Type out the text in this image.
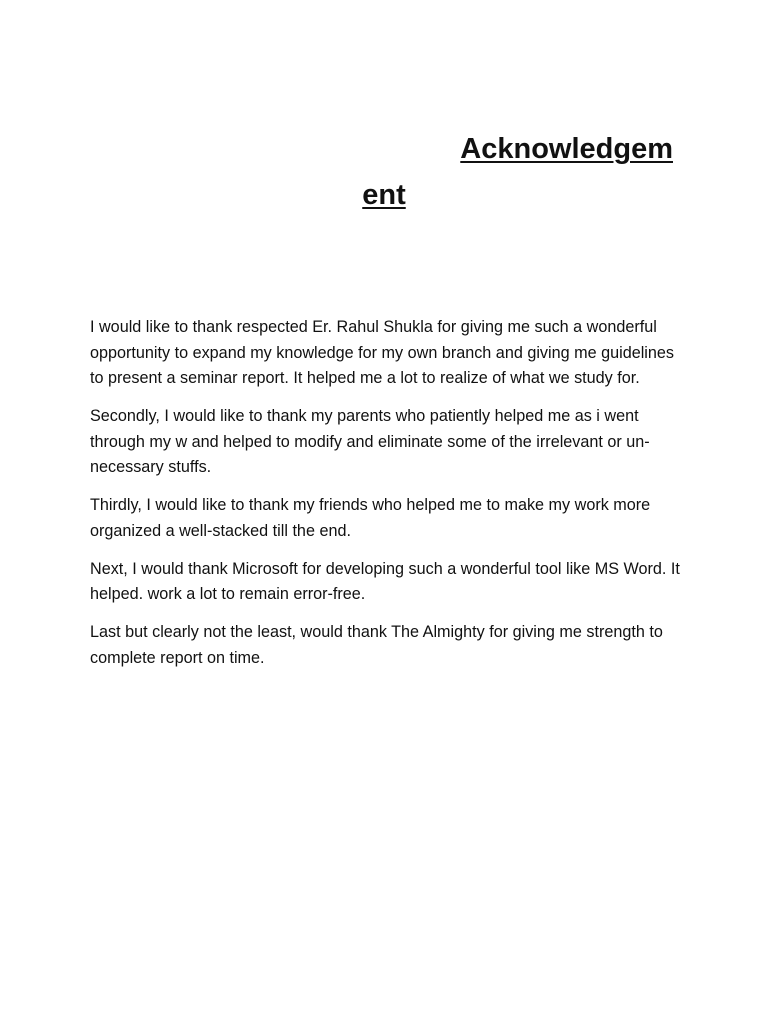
Acknowledgem
ent

I would like to thank respected Er. Rahul Shukla for giving me such a wonderful opportunity to expand my knowledge for my own branch and giving me guidelines to present a seminar report. It helped me a lot to realize of what we study for.

Secondly, I would like to thank my parents who patiently helped me as i went through my w and helped to modify and eliminate some of the irrelevant or un-necessary stuffs.

Thirdly, I would like to thank my friends who helped me to make my work more organized a well-stacked till the end.

Next, I would thank Microsoft for developing such a wonderful tool like MS Word. It helped. work a lot to remain error-free.

Last but clearly not the least, would thank The Almighty for giving me strength to complete report on time.
